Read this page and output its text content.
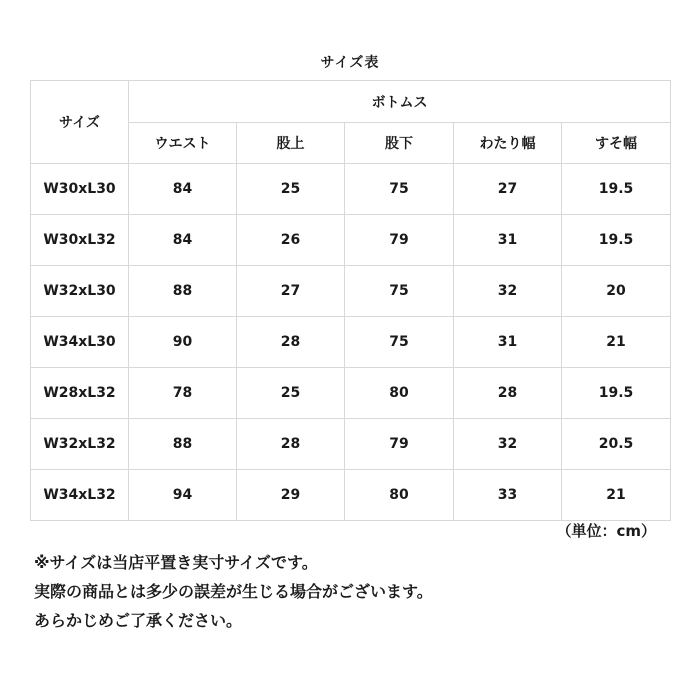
サイズ表
サイズ	ボトムス				
	ウエスト	股上	股下	わたり幅	すそ幅
W30xL30	84	25	75	27	19.5
W30xL32	84	26	79	31	19.5
W32xL30	88	27	75	32	20
W34xL30	90	28	75	31	21
W28xL32	78	25	80	28	19.5
W32xL32	88	28	79	32	20.5
W34xL32	94	29	80	33	21
（単位：cm）
※サイズは当店平置き実寸サイズです。
実際の商品とは多少の誤差が生じる場合がございます。
あらかじめご了承ください。
